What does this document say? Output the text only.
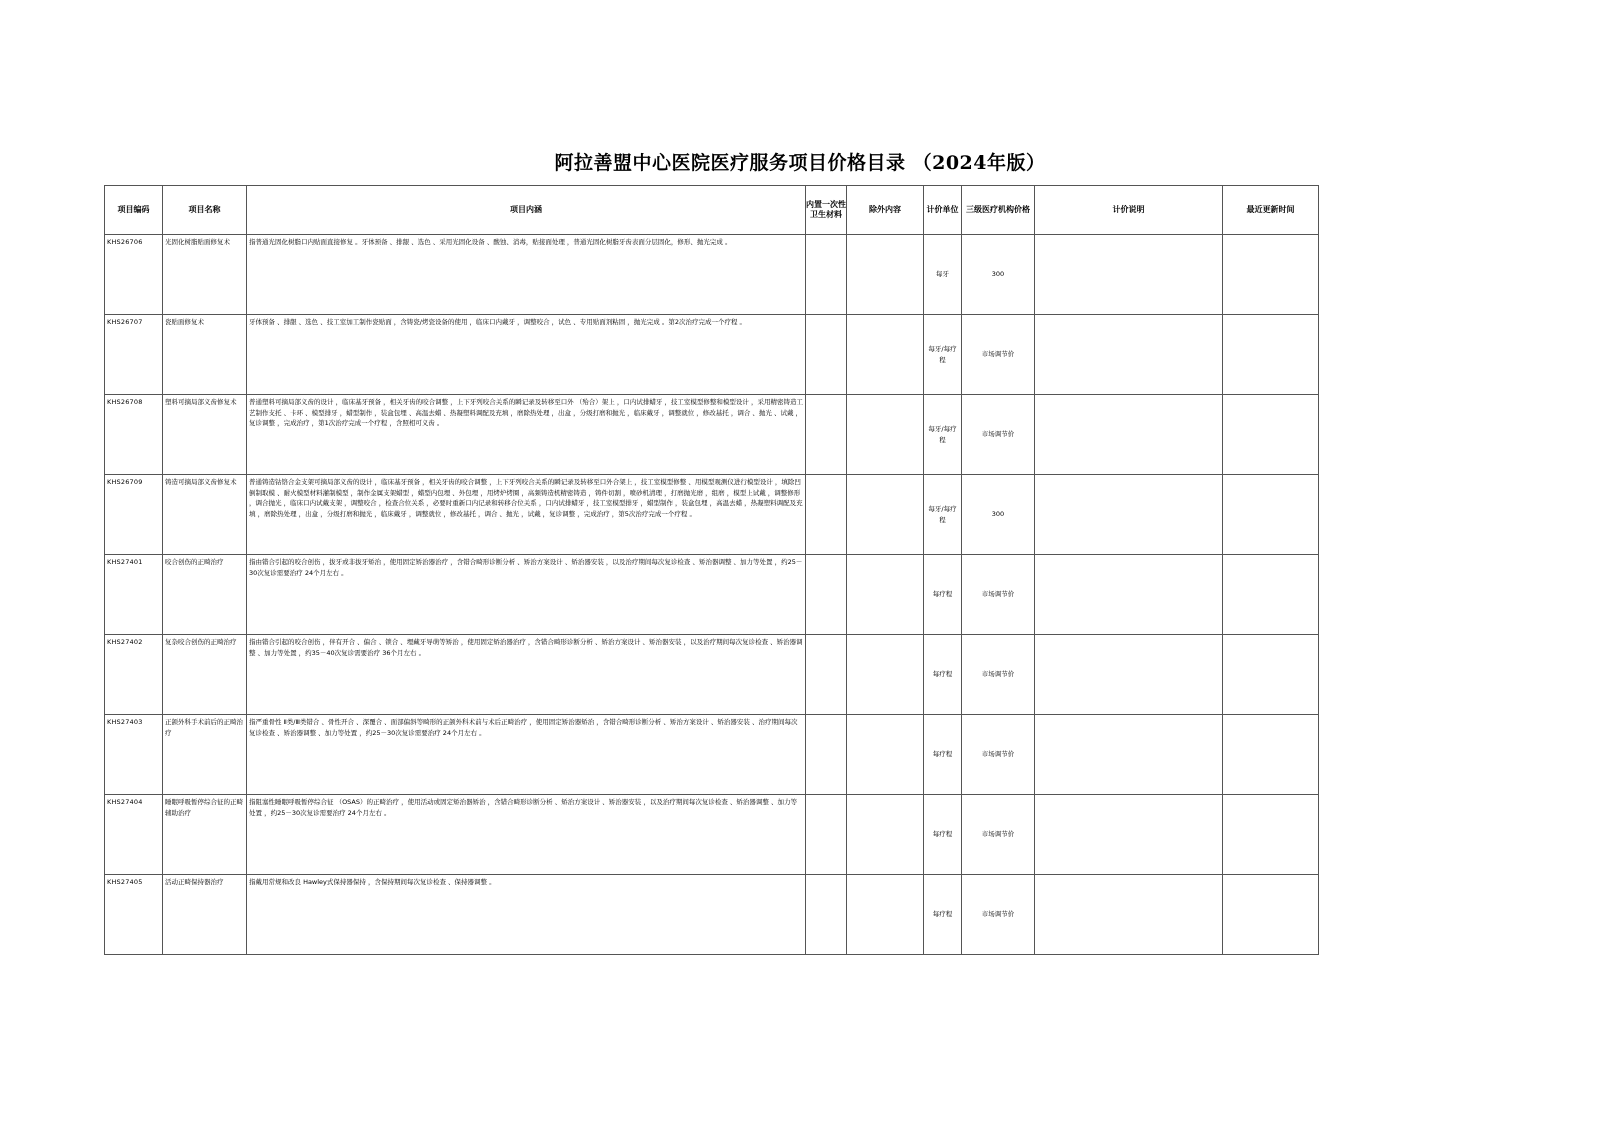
阿拉善盟中心医院医疗服务项目价格目录 （2024年版）
项目编码	项目名称	项目内涵	内置一次性卫生材料	除外内容	计价单位	三级医疗机构价格	计价说明	最近更新时间
KHS26706	光固化树脂贴面修复术	指普通光固化树脂口内贴面直接修复 。牙体预备 、排龈 、选色 、采用光固化设备 、酸蚀、消毒，贴接面处理 ，普通光固化树脂牙齿表面分层固化，修形、抛光完成 。			每牙	300		
KHS26707	瓷贴面修复术	牙体预备 、排龈 、选色 、技工室加工制作瓷贴面 ，含铸瓷/烤瓷设备的使用 ，临床口内戴牙 ，调整咬合 ，试色 、专用贴面剂粘固 ，抛光完成 。第2次治疗完成一个疗程 。			每牙/每疗程	市场调节价		
KHS26708	塑料可摘局部义齿修复术	普通塑料可摘局部义齿的设计 ，临床基牙预备 ，相关牙齿的咬合调整 ，上下牙列咬合关系的瞬记录及转移至口外 （殆合）架上 ，口内试排蜡牙 ，技工室模型修整和模型设计 ，采用精密铸造工艺制作支托 、卡环 、模型排牙 ，蜡型制作 ，装盒包埋 、高温去蜡 、热凝塑料调配及充填 ，磨除热处理 ，出盒 ，分级打磨和抛光 ，临床戴牙 ，调整就位 ，修改基托 ，调合 、抛光 、试戴 ，复诊调整 ，完成治疗 ，第1次治疗完成一个疗程 ，含照相可义齿 。			每牙/每疗程	市场调节价		
KHS26709	铸造可摘局部义齿修复术	普通铸造钴铬合金支架可摘局部义齿的设计 ，临床基牙预备 ，相关牙齿的咬合调整 ，上下牙列咬合关系的瞬记录及转移至口外合架上 ，技工室模型修整 、用模型观测仪进行模型设计 ，填除凹倒制取模 、耐火模型材料灌制模型 ，制作金属支架蜡型 ，蜡型内包埋 、外包埋 ，用烤炉烤圈 ，高频铸造机精密铸造 ，铸件切割 ，喷砂机清理 ，打磨抛光磨 ，组磨 ，模型上试戴 ，调整修形 ，调合抛光 ，临床口内试戴支架 ，调整咬合 ，检查合位关系 ，必要时重新口内记录和转移合位关系 ，口内试排蜡牙 ，技工室模型排牙 ，蜡型制作 ，装盒包埋 ，高温去蜡 ，热凝塑料调配及充填 ，磨除热处理 ，出盒 ，分级打磨和抛光 ，临床戴牙 ，调整就位 ，修改基托 ，调合 、抛光 ，试戴 ，复诊调整 ，完成治疗 ，第5次治疗完成一个疗程 。			每牙/每疗程	300		
KHS27401	咬合创伤的正畸治疗	指由错合引起的咬合创伤 ，拔牙或非拔牙矫治 ，使用固定矫治器治疗 ，含错合畸形诊断分析 、矫治方案设计 、矫治器安装 ，以及治疗期间每次复诊检查 、矫治器调整 、加力等处置 ，约25－30次复诊需要治疗 24个月左右 。			每疗程	市场调节价		
KHS27402	复杂咬合创伤的正畸治疗	指由错合引起的咬合创伤 ，伴有开合 、偏合 、锁合 、埋藏牙导萌等矫治 ，使用固定矫治器治疗 ，含错合畸形诊断分析 、矫治方案设计 、矫治器安装 ，以及治疗期间每次复诊检查 、矫治器调整 、加力等处置 ，约35－40次复诊需要治疗 36个月左右 。			每疗程	市场调节价		
KHS27403	正颌外科手术前后的正畸治疗	指严重骨性 Ⅱ类/Ⅲ类错合 、骨性开合 、深覆合 、面部偏斜等畸形的正颌外科术前与术后正畸治疗 ，使用固定矫治器矫治 ，含错合畸形诊断分析 、矫治方案设计 、矫治器安装 、治疗期间每次复诊检查 、矫治器调整 、加力等处置 ，约25－30次复诊需要治疗 24个月左右 。			每疗程	市场调节价		
KHS27404	睡眠呼吸暂停综合征的正畸辅助治疗	指阻塞性睡眠呼吸暂停综合征 （OSAS）的正畸治疗 ，使用活动或固定矫治器矫治 ，含错合畸形诊断分析 、矫治方案设计 、矫治器安装 ，以及治疗期间每次复诊检查 、矫治器调整 、加力等处置 ，约25－30次复诊需要治疗 24个月左右 。			每疗程	市场调节价		
KHS27405	活动正畸保持器治疗	指戴用常规和改良 Hawley式保持器保持 ，含保持期间每次复诊检查 、保持器调整 。			每疗程	市场调节价		
